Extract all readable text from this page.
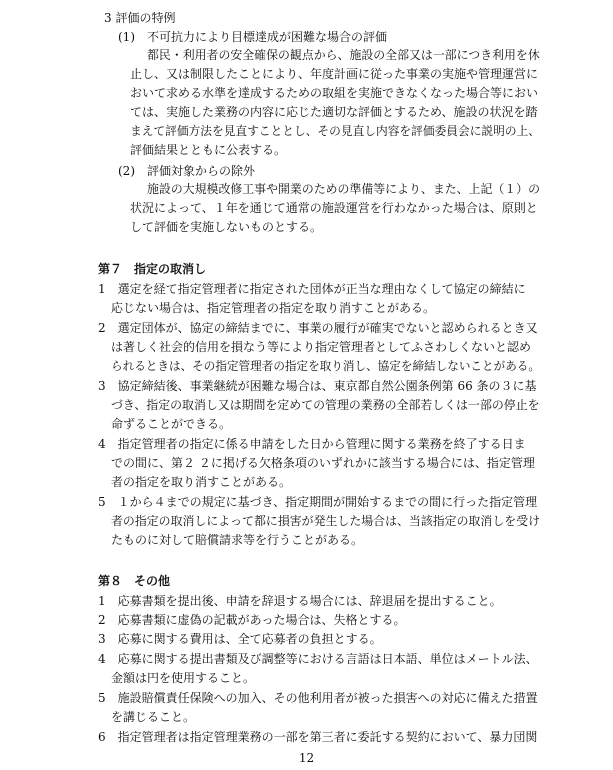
3 評価の特例

(1)　不可抗力により目標達成が困難な場合の評価

都民・利用者の安全確保の観点から、施設の全部又は一部につき利用を休

止し、又は制限したことにより、年度計画に従った事業の実施や管理運営に

おいて求める水準を達成するための取組を実施できなくなった場合等におい

ては、実施した業務の内容に応じた適切な評価とするため、施設の状況を踏

まえて評価方法を見直すこととし、その見直し内容を評価委員会に説明の上、

評価結果とともに公表する。

(2)　評価対象からの除外

施設の大規模改修工事や開業のための準備等により、また、上記（１）の

状況によって、１年を通じて通常の施設運営を行わなかった場合は、原則と

して評価を実施しないものとする。

第７　指定の取消し

1　選定を経て指定管理者に指定された団体が正当な理由なくして協定の締結に

応じない場合は、指定管理者の指定を取り消すことがある。

2　選定団体が、協定の締結までに、事業の履行が確実でないと認められるとき又

は著しく社会的信用を損なう等により指定管理者としてふさわしくないと認め

られるときは、その指定管理者の指定を取り消し、協定を締結しないことがある。

3　協定締結後、事業継続が困難な場合は、東京都自然公園条例第 66 条の３に基

づき、指定の取消し又は期間を定めての管理の業務の全部若しくは一部の停止を

命ずることができる。

4　指定管理者の指定に係る申請をした日から管理に関する業務を終了する日ま

での間に、第２ ２に掲げる欠格条項のいずれかに該当する場合には、指定管理

者の指定を取り消すことがある。

5　１から４までの規定に基づき、指定期間が開始するまでの間に行った指定管理

者の指定の取消しによって都に損害が発生した場合は、当該指定の取消しを受け

たものに対して賠償請求等を行うことがある。

第８　その他

1　応募書類を提出後、申請を辞退する場合には、辞退届を提出すること。

2　応募書類に虚偽の記載があった場合は、失格とする。

3　応募に関する費用は、全て応募者の負担とする。

4　応募に関する提出書類及び調整等における言語は日本語、単位はメートル法、

金額は円を使用すること。

5　施設賠償責任保険への加入、その他利用者が被った損害への対応に備えた措置

を講じること。

6　指定管理者は指定管理業務の一部を第三者に委託する契約において、暴力団関

12
